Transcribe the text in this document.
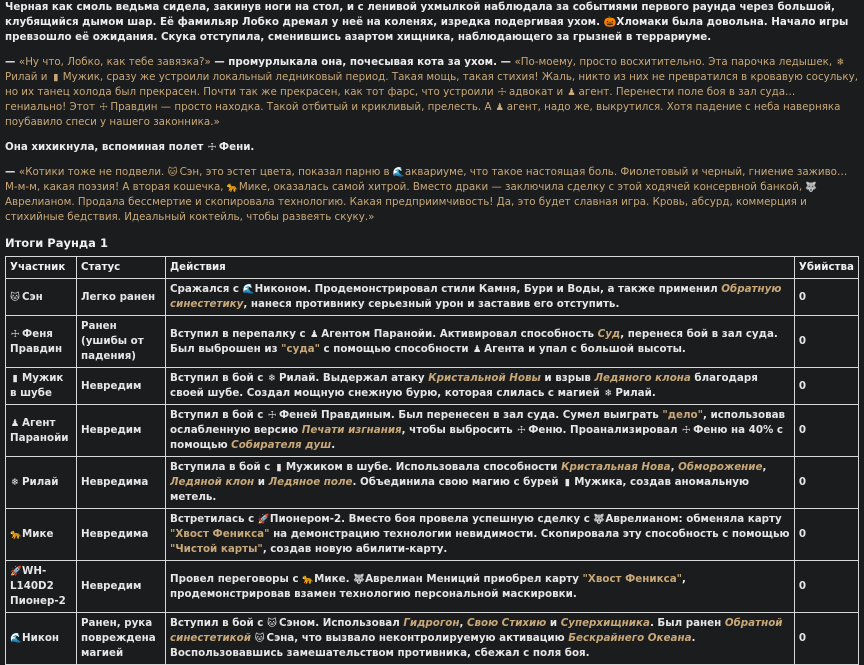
Черная как смоль ведьма сидела, закинув ноги на стол, и с ленивой ухмылкой наблюдала за событиями первого раунда через большой, клубящийся дымом шар. Её фамильяр Лобко дремал у неё на коленях, изредка подергивая ухом. 🎃Хломаки была довольна. Начало игры превзошло её ожидания. Скука отступила, сменившись азартом хищника, наблюдающего за грызней в террариуме.

— «Ну что, Лобко, как тебе завязка?» — промурлыкала она, почесывая кота за ухом. — «По-моему, просто восхитительно. Эта парочка ледышек, ❄Рилай и ▮ Мужик, сразу же устроили локальный ледниковый период. Такая мощь, такая стихия! Жаль, никто из них не превратился в кровавую сосульку, но их танец холода был прекрасен. Почти так же прекрасен, как тот фарс, что устроили ☩ адвокат и ♟ агент. Перенести поле боя в зал суда… гениально! Этот ☩ Правдин — просто находка. Такой отбитый и крикливый, прелесть. А ♟ агент, надо же, выкрутился. Хотя падение с неба наверняка поубавило спеси у нашего законника.»

Она хихикнула, вспоминая полет ☩ Фени.

— «Котики тоже не подвели. 🐱 Сэн, это эстет цвета, показал парню в 🌊аквариуме, что такое настоящая боль. Фиолетовый и черный, гниение заживо… М-м-м, какая поэзия! А вторая кошечка, 🐆Мике, оказалась самой хитрой. Вместо драки — заключила сделку с этой ходячей консервной банкой, 🐺Аврелианом. Продала бессмертие и скопировала технологию. Какая предприимчивость! Да, это будет славная игра. Кровь, абсурд, коммерция и стихийные бедствия. Идеальный коктейль, чтобы развеять скуку.»

Итоги Раунда 1
Участник	Статус	Действия	Убийства
🐱 Сэн	Легко ранен	Сражался с 🌊Никоном. Продемонстрировал стили Камня, Бури и Воды, а также применил Обратную синестетику, нанеся противнику серьезный урон и заставив его отступить.	0
☩ Феня Правдин	Ранен (ушибы от падения)	Вступил в перепалку с ♟ Агентом Паранойи. Активировал способность Суд, перенеся бой в зал суда. Был выброшен из "суда" с помощью способности ♟ Агента и упал с большой высоты.	0
▮ Мужик в шубе	Невредим	Вступил в бой с ❄ Рилай. Выдержал атаку Кристальной Новы и взрыв Ледяного клона благодаря своей шубе. Создал мощную снежную бурю, которая слилась с магией ❄ Рилай.	0
♟ Агент Паранойи	Невредим	Вступил в бой с ☩ Феней Правдиным. Был перенесен в зал суда. Сумел выиграть "дело", использовав ослабленную версию Печати изгнания, чтобы выбросить ☩ Феню. Проанализировал ☩ Феню на 40% с помощью Собирателя душ.	0
❄ Рилай	Невредима	Вступила в бой с ▮ Мужиком в шубе. Использовала способности Кристальная Нова, Обморожение, Ледяной клон и Ледяное поле. Объединила свою магию с бурей ▮ Мужика, создав аномальную метель.	0
🐆Мике	Невредима	Встретилась с 🚀Пионером-2. Вместо боя провела успешную сделку с 🐺Аврелианом: обменяла карту "Хвост Феникса" на демонстрацию технологии невидимости. Скопировала эту способность с помощью "Чистой карты", создав новую абилити-карту.	0
🚀WH-L140D2 Пионер-2	Невредим	Провел переговоры с 🐆Мике. 🐺Аврелиан Мениций приобрел карту "Хвост Феникса", продемонстрировав взамен технологию персональной маскировки.	0
🌊Никон	Ранен, рука повреждена магией	Вступил в бой с 🐱 Сэном. Использовал Гидрогон, Свою Стихию и Суперхищника. Был ранен Обратной синестетикой 🐱 Сэна, что вызвало неконтролируемую активацию Бескрайнего Океана. Воспользовавшись замешательством противника, сбежал с поля боя.	0
